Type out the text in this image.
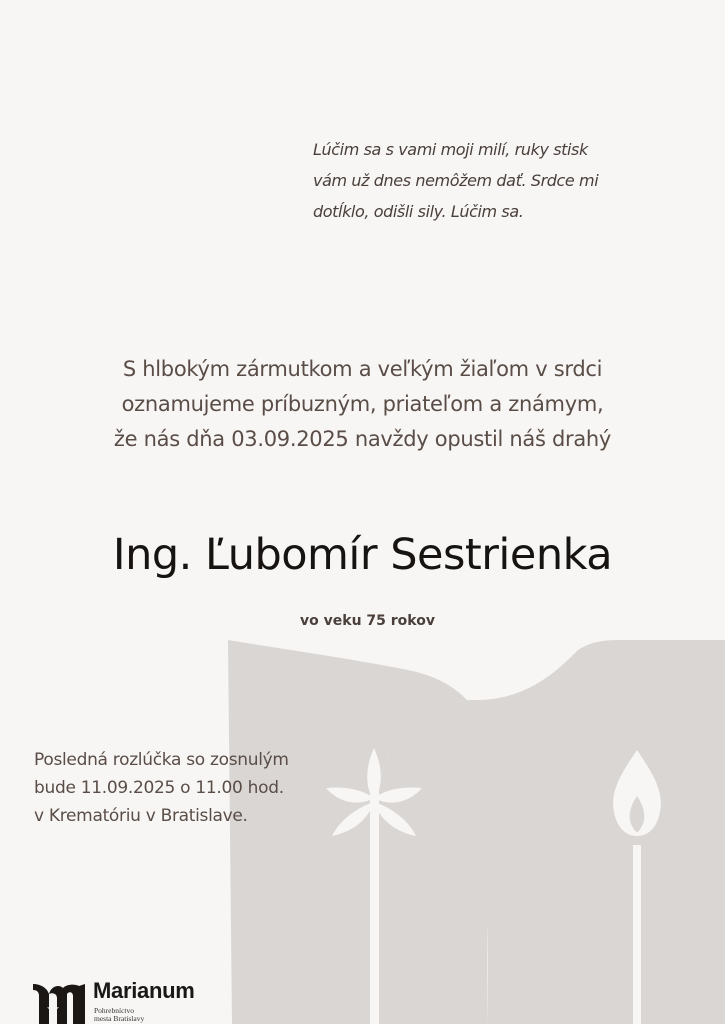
Lúčim sa s vami moji milí, ruky stisk
vám už dnes nemôžem dať. Srdce mi
dotĺklo, odišli sily. Lúčim sa.
S hlbokým zármutkom a veľkým žiaľom v srdci
oznamujeme príbuzným, priateľom a známym,
že nás dňa 03.09.2025 navždy opustil náš drahý
Ing. Ľubomír Sestrienka
vo veku 75 rokov
Posledná rozlúčka so zosnulým
bude 11.09.2025 o 11.00 hod.
v Krematóriu v Bratislave.
Marianum
Pohrebníctvo
mesta Bratislavy
